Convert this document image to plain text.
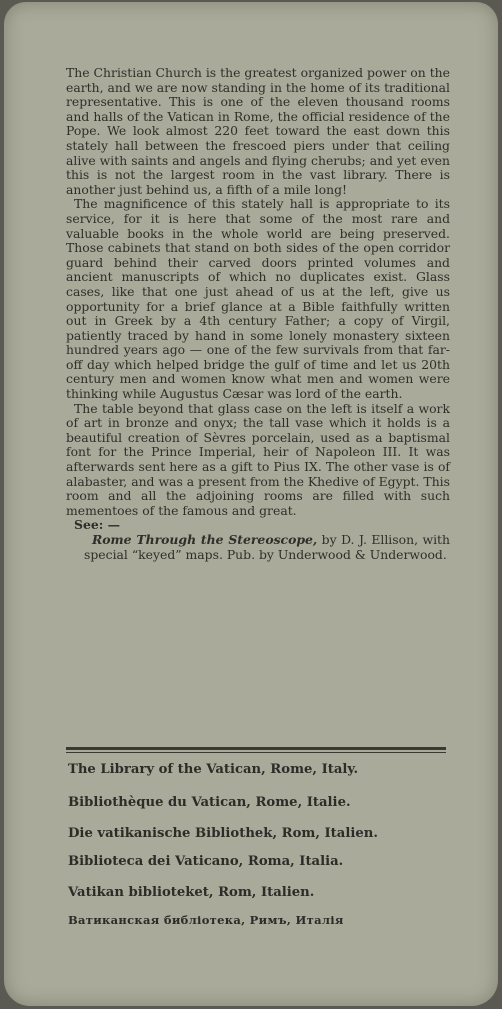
The Christian Church is the greatest organized power on the earth, and we are now standing in the home of its traditional representative. This is one of the eleven thousand rooms and halls of the Vatican in Rome, the official residence of the Pope. We look almost 220 feet toward the east down this stately hall between the frescoed piers under that ceiling alive with saints and angels and flying cherubs; and yet even this is not the largest room in the vast library. There is another just behind us, a fifth of a mile long!

The magnificence of this stately hall is appropriate to its service, for it is here that some of the most rare and valuable books in the whole world are being preserved. Those cabinets that stand on both sides of the open corridor guard behind their carved doors printed volumes and ancient manuscripts of which no duplicates exist. Glass cases, like that one just ahead of us at the left, give us opportunity for a brief glance at a Bible faithfully written out in Greek by a 4th century Father; a copy of Virgil, patiently traced by hand in some lonely monastery sixteen hundred years ago — one of the few survivals from that far-off day which helped bridge the gulf of time and let us 20th century men and women know what men and women were thinking while Augustus Cæsar was lord of the earth.

The table beyond that glass case on the left is itself a work of art in bronze and onyx; the tall vase which it holds is a beautiful creation of Sèvres porcelain, used as a baptismal font for the Prince Imperial, heir of Napoleon III. It was afterwards sent here as a gift to Pius IX. The other vase is of alabaster, and was a present from the Khedive of Egypt. This room and all the adjoining rooms are filled with such mementoes of the famous and great.

See: —

Rome Through the Stereoscope, by D. J. Ellison, with special “keyed” maps. Pub. by Underwood & Underwood.

The Library of the Vatican, Rome, Italy.
Bibliothèque du Vatican, Rome, Italie.
Die vatikanische Bibliothek, Rom, Italien.
Biblioteca dei Vaticano, Roma, Italia.
Vatikan biblioteket, Rom, Italien.
Ватиканская библіотека, Римъ, Италія
